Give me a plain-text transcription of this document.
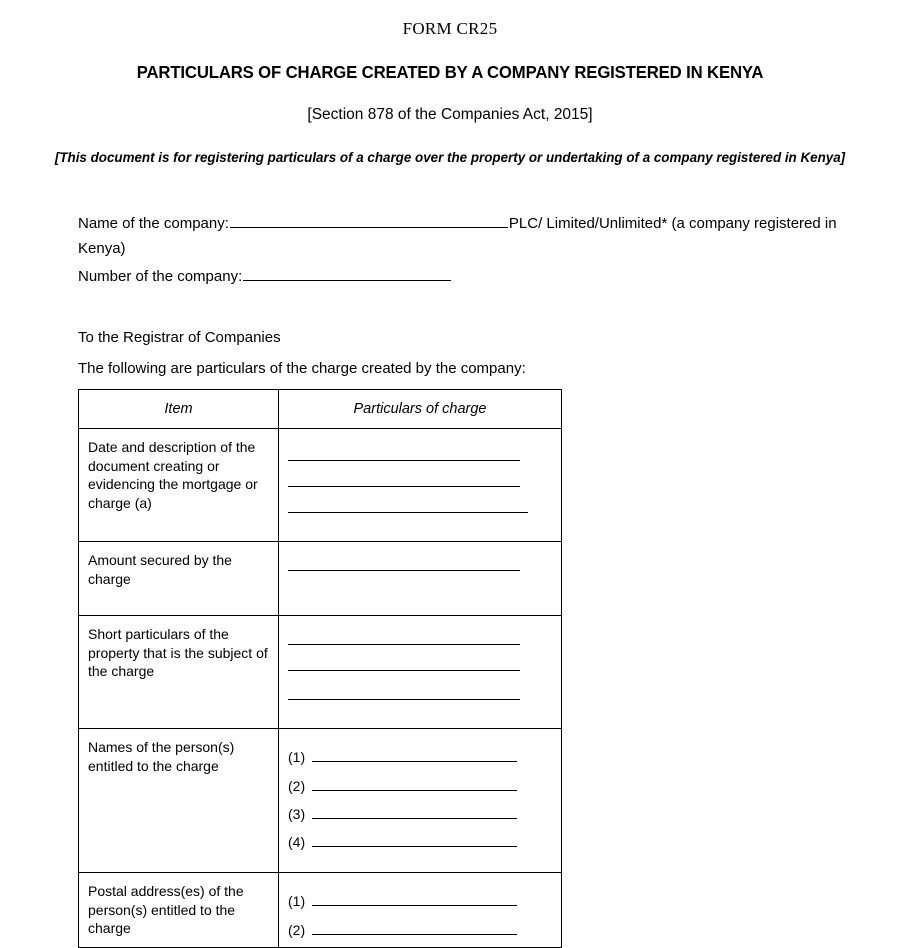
FORM CR25
PARTICULARS OF CHARGE CREATED BY A COMPANY REGISTERED IN KENYA
[Section 878 of the Companies Act, 2015]
[This document is for registering particulars of a charge over the property or undertaking of a company registered in Kenya]
Name of the company:	PLC/ Limited/Unlimited* (a company registered in Kenya)
Number of the company:
To the Registrar of Companies
The following are particulars of the charge created by the company:
Item	Particulars of charge
Date and description of the document creating or evidencing the mortgage or charge (a)	

Amount secured by the charge	

Short particulars of the property that is the subject of the charge	

Names of the person(s) entitled to the charge	(1)
(2)
(3)
(4)

Postal address(es) of the person(s) entitled to the charge	(1)
(2)
